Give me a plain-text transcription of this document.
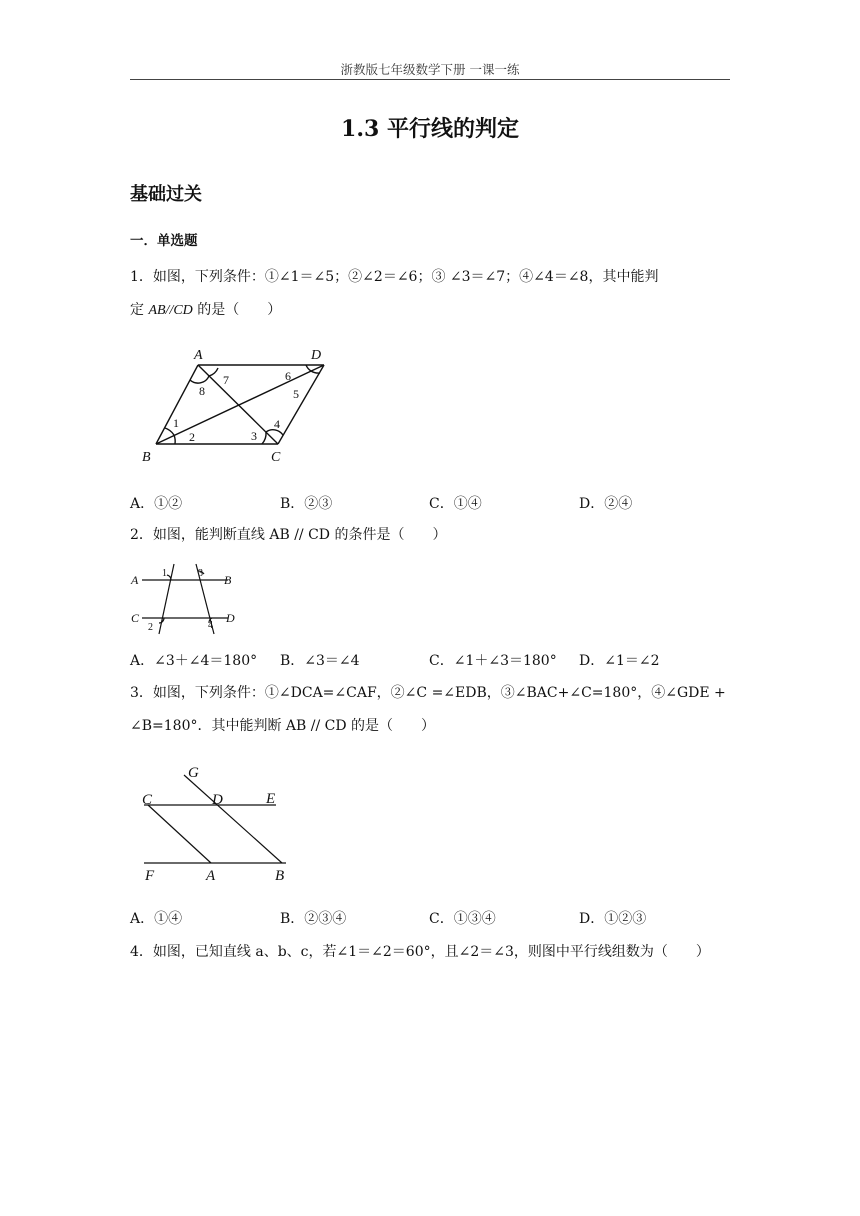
浙教版七年级数学下册 一课一练
1.3 平行线的判定
基础过关
一．单选题
1．如图，下列条件：①∠1＝∠5；②∠2＝∠6；③ ∠3＝∠7；④∠4＝∠8，其中能判
定 AB//CD 的是（　　）
A	D
B	C
1
2	3
4
5
6
7
8
A．①②	B．②③	C．①④	D．②④
2．如图，能判断直线 AB // CD 的条件是（　　）
A	B
C	D
1
2
3
4
A．∠3＋∠4＝180° B．∠3＝∠4	C．∠1＋∠3＝180° D．∠1＝∠2
3．如图，下列条件：①∠DCA=∠CAF，②∠C =∠EDB，③∠BAC+∠C=180°，④∠GDE +
∠B=180°．其中能判断 AB // CD 的是（　　）
G
C	D	E
F	A	B
A．①④	B．②③④	C．①③④	D．①②③
4．如图，已知直线 a、b、c，若∠1＝∠2＝60°，且∠2＝∠3，则图中平行线组数为（　　）
